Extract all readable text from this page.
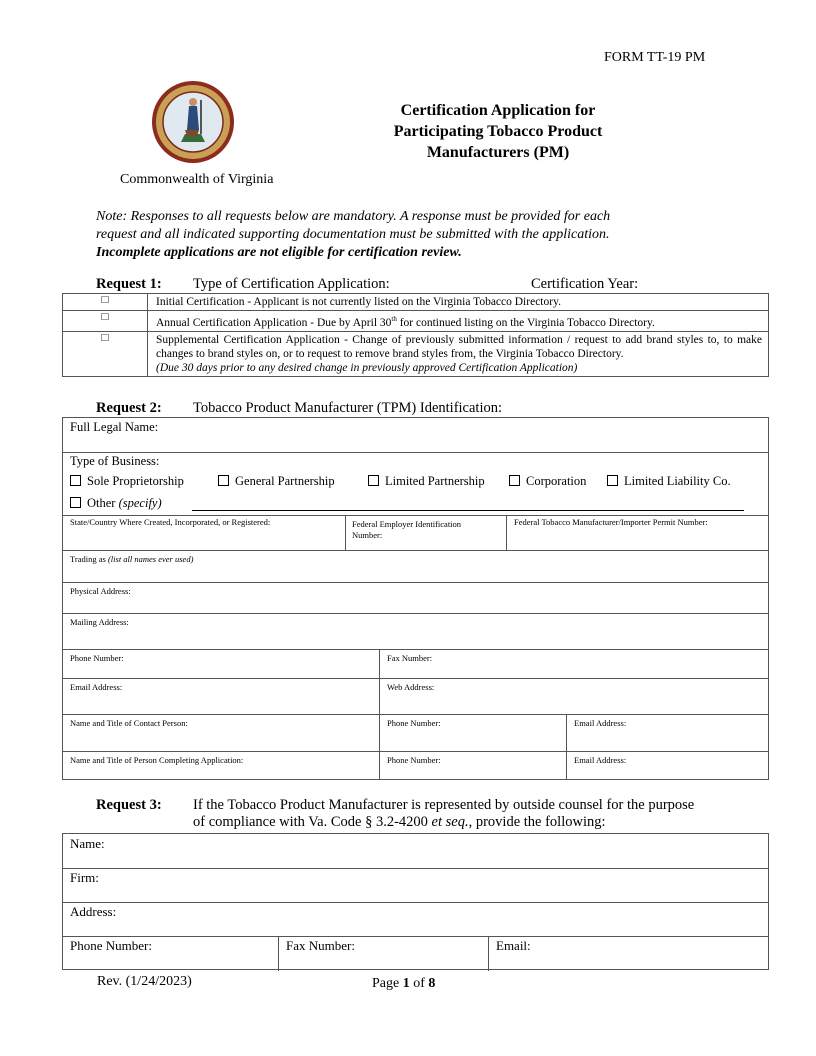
FORM TT-19 PM
Commonwealth of Virginia
Certification Application for
Participating Tobacco Product
Manufacturers (PM)
Note: Responses to all requests below are mandatory. A response must be provided for each
request and all indicated supporting documentation must be submitted with the application.
Incomplete applications are not eligible for certification review.
Request 1: Type of Certification Application:	Certification Year:
□	Initial Certification - Applicant is not currently listed on the Virginia Tobacco Directory.
□	Annual Certification Application - Due by April 30th for continued listing on the Virginia Tobacco Directory.
□	Supplemental Certification Application - Change of previously submitted information / request to add brand styles to, to make changes to brand styles on, or to request to remove brand styles from, the Virginia Tobacco Directory.
(Due 30 days prior to any desired change in previously approved Certification Application)
Request 2: Tobacco Product Manufacturer (TPM) Identification:
Full Legal Name:
Type of Business:
Sole Proprietorship	General Partnership	Limited Partnership	Corporation	Limited Liability Co.
Other (specify)
State/Country Where Created, Incorporated, or Registered:	Federal Employer Identification
Number:
Federal Tobacco Manufacturer/Importer Permit Number:
Trading as (list all names ever used)
Physical Address:
Mailing Address:
Phone Number:	Fax Number:
Email Address:	Web Address:
Name and Title of Contact Person:	Phone Number:	Email Address:
Name and Title of Person Completing Application:	Phone Number:	Email Address:
Request 3: If the Tobacco Product Manufacturer is represented by outside counsel for the purpose
of compliance with Va. Code § 3.2-4200 et seq., provide the following:
Name:
Firm:
Address:
Phone Number:	Fax Number:	Email:
Rev. (1/24/2023)	Page 1 of 8
